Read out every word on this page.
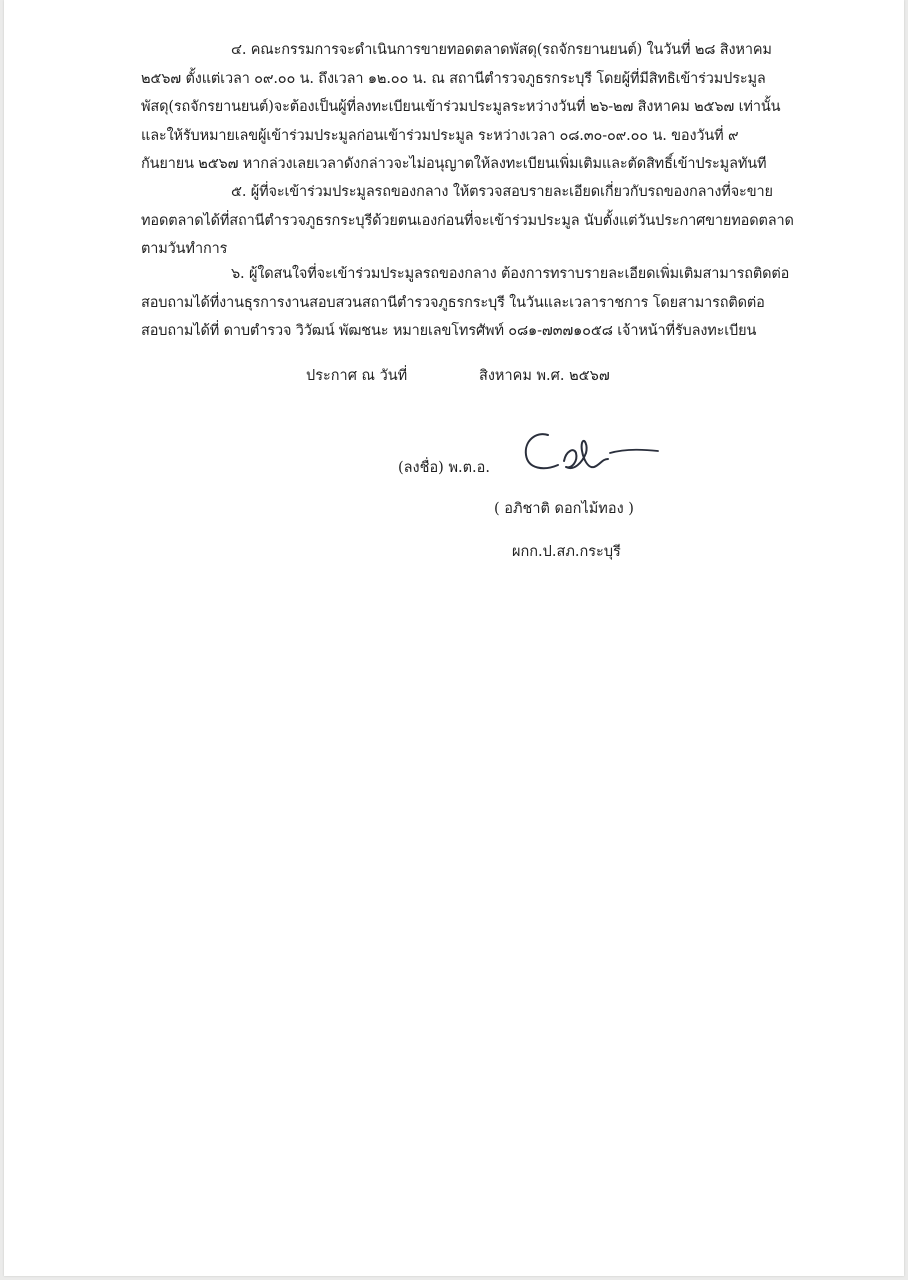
๔. คณะกรรมการจะดำเนินการขายทอดตลาดพัสดุ(รถจักรยานยนต์) ในวันที่ ๒๘ สิงหาคม
๒๕๖๗ ตั้งแต่เวลา ๐๙.๐๐ น. ถึงเวลา ๑๒.๐๐ น. ณ สถานีตำรวจภูธรกระบุรี โดยผู้ที่มีสิทธิเข้าร่วมประมูล
พัสดุ(รถจักรยานยนต์)จะต้องเป็นผู้ที่ลงทะเบียนเข้าร่วมประมูลระหว่างวันที่ ๒๖-๒๗ สิงหาคม ๒๕๖๗ เท่านั้น
และให้รับหมายเลขผู้เข้าร่วมประมูลก่อนเข้าร่วมประมูล ระหว่างเวลา ๐๘.๓๐-๐๙.๐๐ น. ของวันที่ ๙
กันยายน ๒๕๖๗ หากล่วงเลยเวลาดังกล่าวจะไม่อนุญาตให้ลงทะเบียนเพิ่มเติมและตัดสิทธิ์เข้าประมูลทันที
๕. ผู้ที่จะเข้าร่วมประมูลรถของกลาง ให้ตรวจสอบรายละเอียดเกี่ยวกับรถของกลางที่จะขาย
ทอดตลาดได้ที่สถานีตำรวจภูธรกระบุรีด้วยตนเองก่อนที่จะเข้าร่วมประมูล นับตั้งแต่วันประกาศขายทอดตลาด
ตามวันทำการ
๖. ผู้ใดสนใจที่จะเข้าร่วมประมูลรถของกลาง ต้องการทราบรายละเอียดเพิ่มเติมสามารถติดต่อ
สอบถามได้ที่งานธุรการงานสอบสวนสถานีตำรวจภูธรกระบุรี ในวันและเวลาราชการ โดยสามารถติดต่อ
สอบถามได้ที่ ดาบตำรวจ วิวัฒน์ พัฒชนะ หมายเลขโทรศัพท์ ๐๘๑-๗๓๗๑๐๕๘ เจ้าหน้าที่รับลงทะเบียน
ประกาศ ณ วันที่	สิงหาคม พ.ศ. ๒๕๖๗
(ลงชื่อ) พ.ต.อ.
( อภิชาติ ดอกไม้ทอง )
ผกก.ป.สภ.กระบุรี
